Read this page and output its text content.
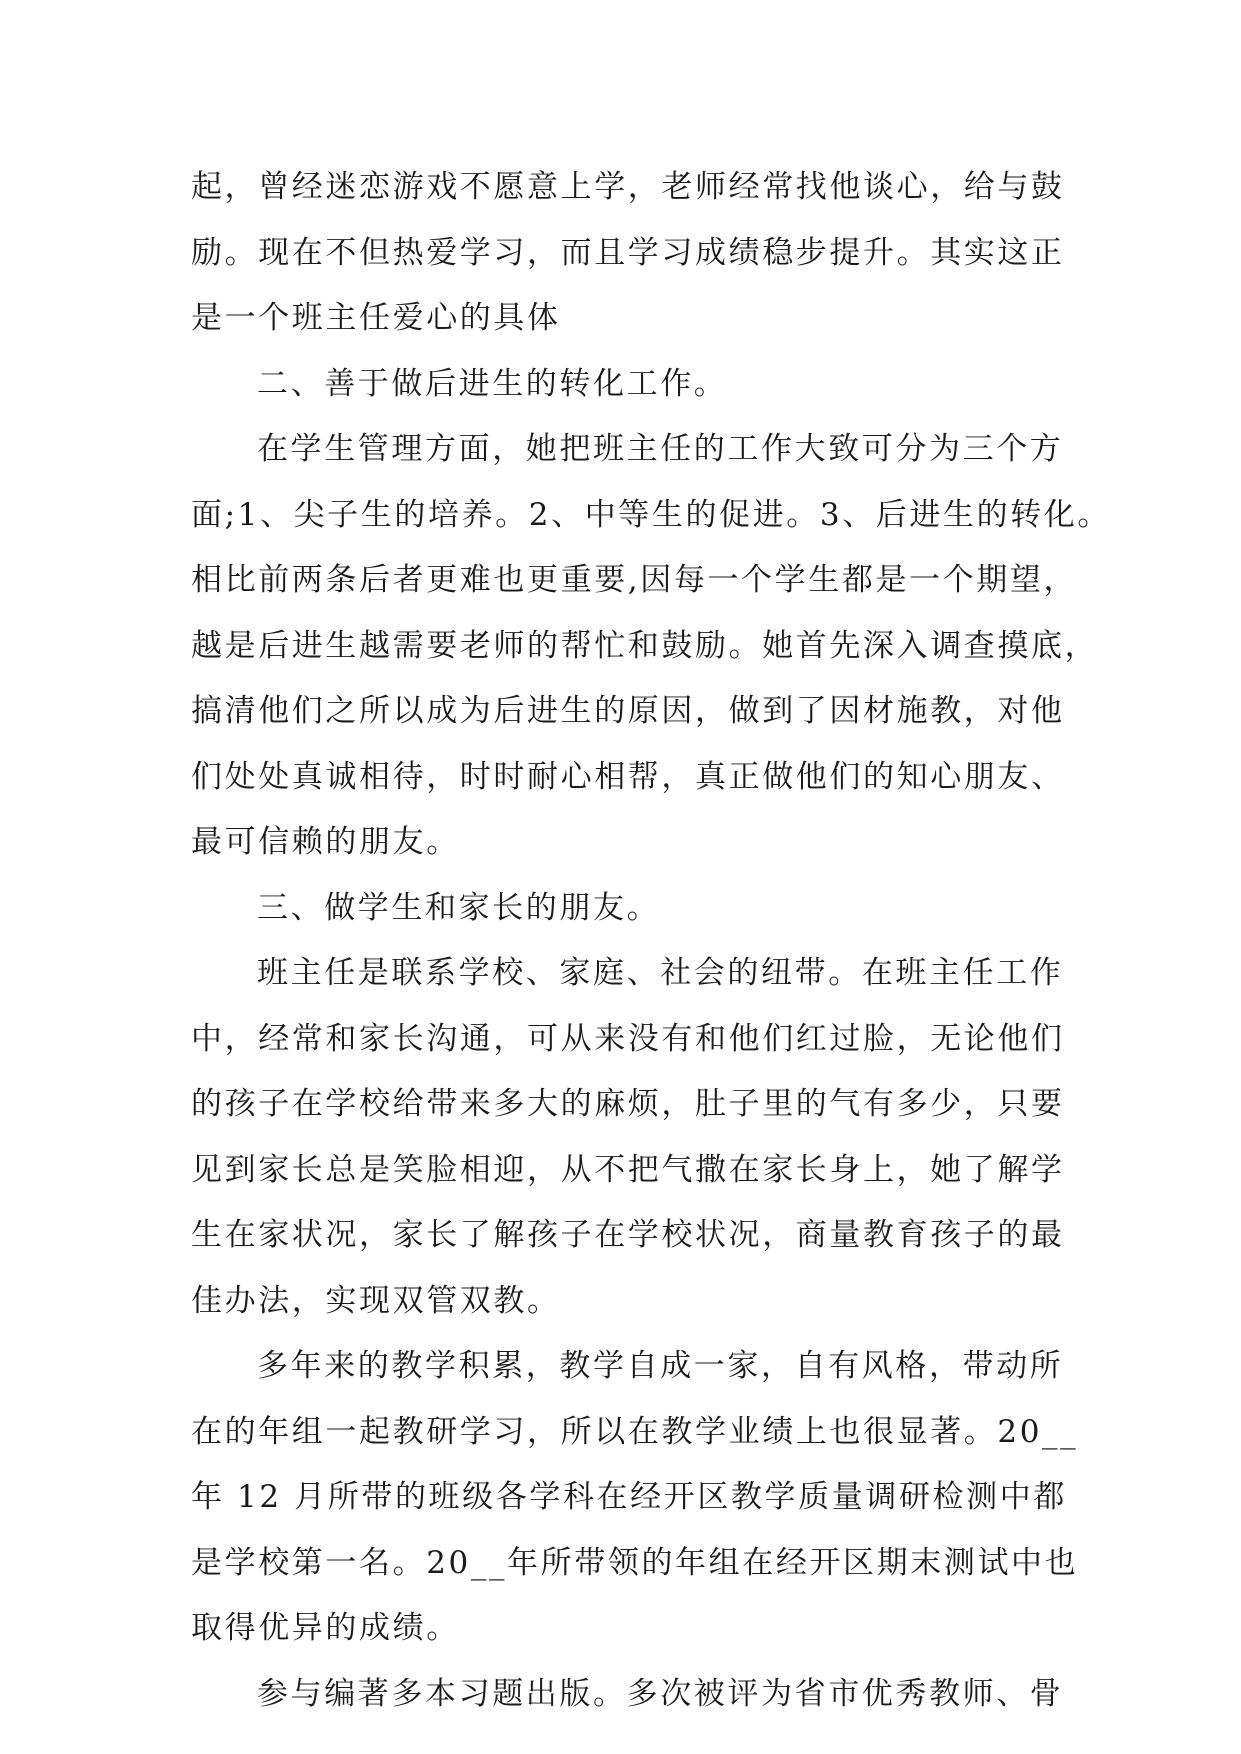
起，曾经迷恋游戏不愿意上学，老师经常找他谈心，给与鼓
励。现在不但热爱学习，而且学习成绩稳步提升。其实这正
是一个班主任爱心的具体
二、善于做后进生的转化工作。
在学生管理方面，她把班主任的工作大致可分为三个方
面;1、尖子生的培养。2、中等生的促进。3、后进生的转化。
相比前两条后者更难也更重要,因每一个学生都是一个期望，
越是后进生越需要老师的帮忙和鼓励。她首先深入调查摸底，
搞清他们之所以成为后进生的原因，做到了因材施教，对他
们处处真诚相待，时时耐心相帮，真正做他们的知心朋友、
最可信赖的朋友。
三、做学生和家长的朋友。
班主任是联系学校、家庭、社会的纽带。在班主任工作
中，经常和家长沟通，可从来没有和他们红过脸，无论他们
的孩子在学校给带来多大的麻烦，肚子里的气有多少，只要
见到家长总是笑脸相迎，从不把气撒在家长身上，她了解学
生在家状况，家长了解孩子在学校状况，商量教育孩子的最
佳办法，实现双管双教。
多年来的教学积累，教学自成一家，自有风格，带动所
在的年组一起教研学习，所以在教学业绩上也很显著。20__
年 12 月所带的班级各学科在经开区教学质量调研检测中都
是学校第一名。20__年所带领的年组在经开区期末测试中也
取得优异的成绩。
参与编著多本习题出版。多次被评为省市优秀教师、骨
